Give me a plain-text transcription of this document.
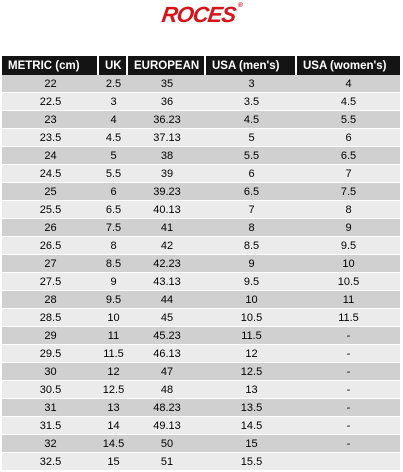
ROCES®
METRIC (cm)	UK	EUROPEAN	USA (men's)	USA (women's)
22	2.5	35	3	4
22.5	3	36	3.5	4.5
23	4	36.23	4.5	5.5
23.5	4.5	37.13	5	6
24	5	38	5.5	6.5
24.5	5.5	39	6	7
25	6	39.23	6.5	7.5
25.5	6.5	40.13	7	8
26	7.5	41	8	9
26.5	8	42	8.5	9.5
27	8.5	42.23	9	10
27.5	9	43.13	9.5	10.5
28	9.5	44	10	11
28.5	10	45	10.5	11.5
29	11	45.23	11.5	-
29.5	11.5	46.13	12	-
30	12	47	12.5	-
30.5	12.5	48	13	-
31	13	48.23	13.5	-
31.5	14	49.13	14.5	-
32	14.5	50	15	-
32.5	15	51	15.5	
